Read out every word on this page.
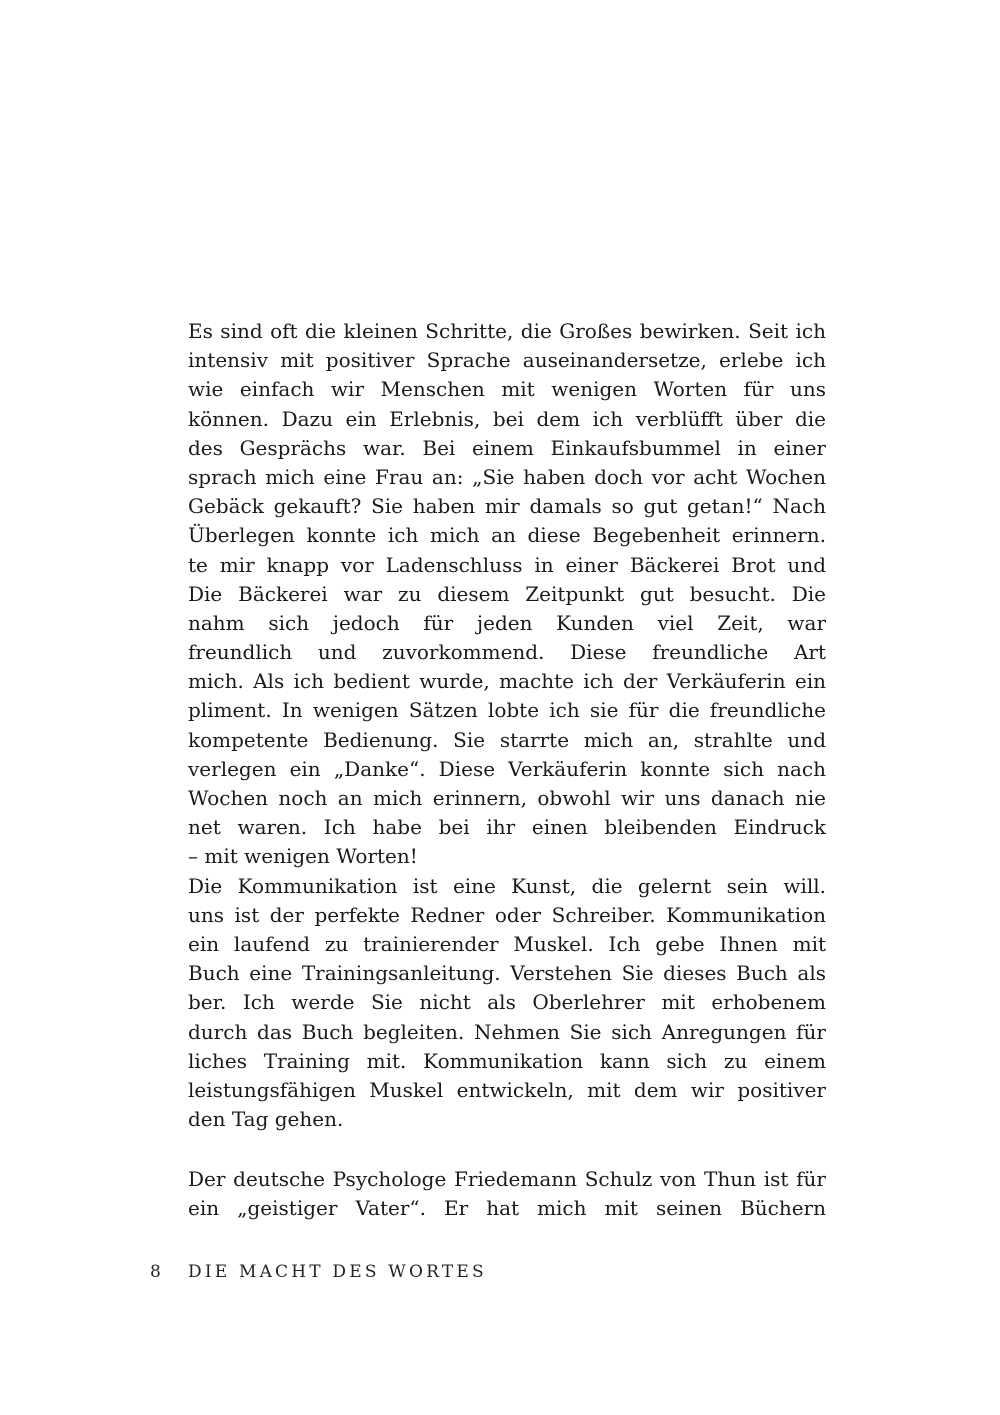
Es sind oft die kleinen Schritte, die Großes bewirken. Seit ich
intensiv mit positiver Sprache auseinandersetze, erlebe ich
wie einfach wir Menschen mit wenigen Worten für uns
können. Dazu ein Erlebnis, bei dem ich verblüfft über die
des Gesprächs war. Bei einem Einkaufsbummel in einer
sprach mich eine Frau an: „Sie haben doch vor acht Wochen
Gebäck gekauft? Sie haben mir damals so gut getan!“ Nach
Überlegen konnte ich mich an diese Begebenheit erinnern.
te mir knapp vor Ladenschluss in einer Bäckerei Brot und
Die Bäckerei war zu diesem Zeitpunkt gut besucht. Die
nahm sich jedoch für jeden Kunden viel Zeit, war
freundlich und zuvorkommend. Diese freundliche Art
mich. Als ich bedient wurde, machte ich der Verkäuferin ein
pliment. In wenigen Sätzen lobte ich sie für die freundliche
kompetente Bedienung. Sie starrte mich an, strahlte und
verlegen ein „Danke“. Diese Verkäuferin konnte sich nach
Wochen noch an mich erinnern, obwohl wir uns danach nie
net waren. Ich habe bei ihr einen bleibenden Eindruck
– mit wenigen Worten!
Die Kommunikation ist eine Kunst, die gelernt sein will.
uns ist der perfekte Redner oder Schreiber. Kommunikation
ein laufend zu trainierender Muskel. Ich gebe Ihnen mit
Buch eine Trainingsanleitung. Verstehen Sie dieses Buch als
ber. Ich werde Sie nicht als Oberlehrer mit erhobenem
durch das Buch begleiten. Nehmen Sie sich Anregungen für
liches Training mit. Kommunikation kann sich zu einem
leistungsfähigen Muskel entwickeln, mit dem wir positiver
den Tag gehen.
Der deutsche Psychologe Friedemann Schulz von Thun ist für
ein „geistiger Vater“. Er hat mich mit seinen Büchern
8 DIE MACHT DES WORTES
